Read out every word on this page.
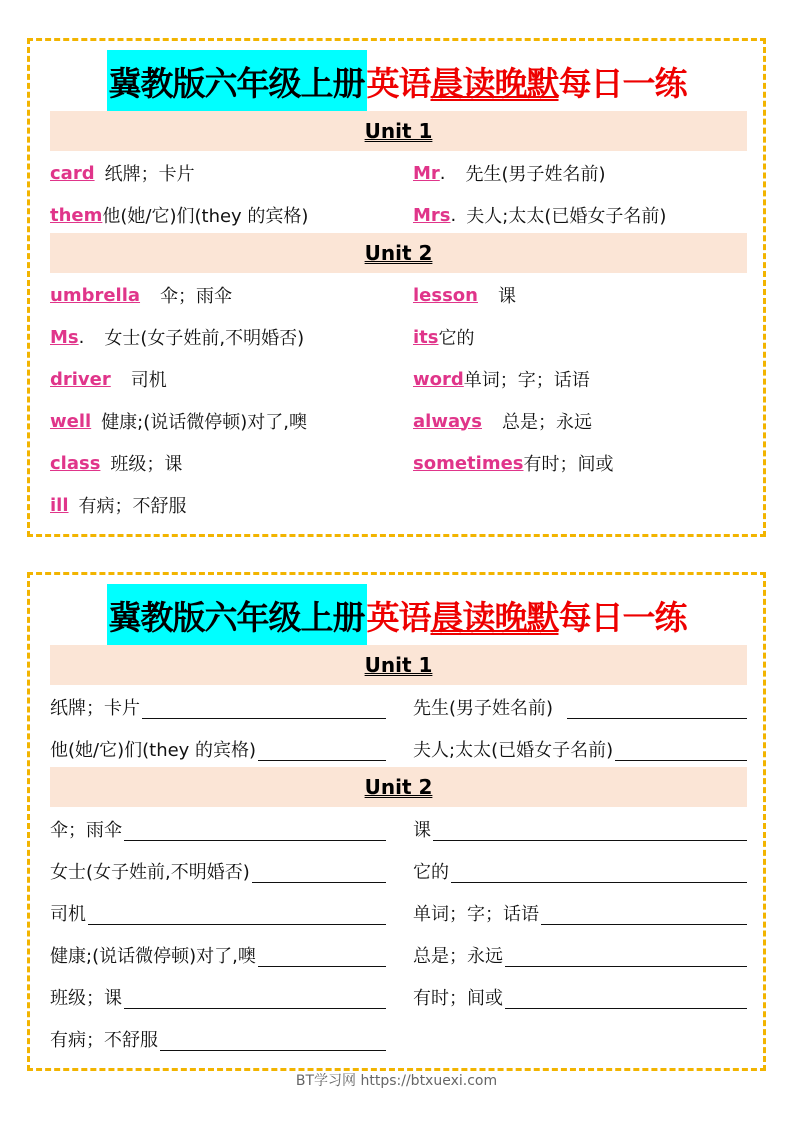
冀教版六年级上册 英语 晨读晚默 每日一练
Unit 1
card 纸牌；卡片	Mr . 先生(男子姓名前)
them 他(她/它)们(they 的宾格)	Mrs . 夫人;太太(已婚女子名前)
Unit 2
umbrella 伞；雨伞	lesson 课
Ms . 女士(女子姓前,不明婚否)	its 它的
driver 司机	word 单词；字；话语
well 健康;(说话微停顿)对了,噢	always 总是；永远
class 班级；课	sometimes 有时；间或
ill 有病；不舒服
冀教版六年级上册 英语 晨读晚默 每日一练
Unit 1
纸牌；卡片	先生(男子姓名前)
他(她/它)们(they 的宾格)	夫人;太太(已婚女子名前)
Unit 2
伞；雨伞	课
女士(女子姓前,不明婚否)	它的
司机	单词；字；话语
健康;(说话微停顿)对了,噢	总是；永远
班级；课	有时；间或
有病；不舒服
BT学习网 https://btxuexi.com
